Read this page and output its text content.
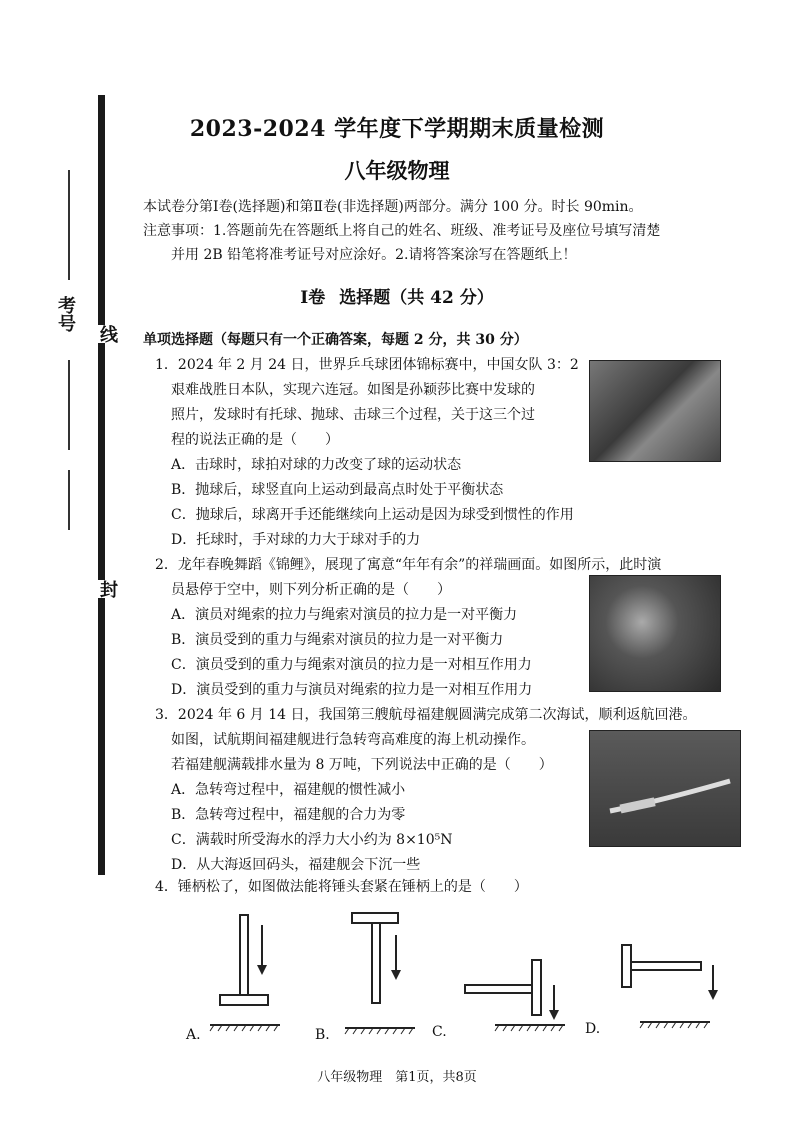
考号
线
封
2023-2024 学年度下学期期末质量检测
八年级物理
本试卷分第Ⅰ卷(选择题)和第Ⅱ卷(非选择题)两部分。满分 100 分。时长 90min。
注意事项：1.答题前先在答题纸上将自己的姓名、班级、准考证号及座位号填写清楚
并用 2B 铅笔将准考证号对应涂好。2.请将答案涂写在答题纸上！
Ⅰ卷 选择题（共 42 分）
单项选择题（每题只有一个正确答案，每题 2 分，共 30 分）
1．2024 年 2 月 24 日，世界乒乓球团体锦标赛中，中国女队 3：2
艰难战胜日本队，实现六连冠。如图是孙颖莎比赛中发球的
照片，发球时有托球、抛球、击球三个过程，关于这三个过
程的说法正确的是（　　）
A．击球时，球拍对球的力改变了球的运动状态
B．抛球后，球竖直向上运动到最高点时处于平衡状态
C．抛球后，球离开手还能继续向上运动是因为球受到惯性的作用
D．托球时，手对球的力大于球对手的力
2．龙年春晚舞蹈《锦鲤》，展现了寓意“年年有余”的祥瑞画面。如图所示，此时演
员悬停于空中，则下列分析正确的是（　　）
A．演员对绳索的拉力与绳索对演员的拉力是一对平衡力
B．演员受到的重力与绳索对演员的拉力是一对平衡力
C．演员受到的重力与绳索对演员的拉力是一对相互作用力
D．演员受到的重力与演员对绳索的拉力是一对相互作用力
3．2024 年 6 月 14 日，我国第三艘航母福建舰圆满完成第二次海试，顺利返航回港。
如图，试航期间福建舰进行急转弯高难度的海上机动操作。
若福建舰满载排水量为 8 万吨，下列说法中正确的是（　　）
A．急转弯过程中，福建舰的惯性减小
B．急转弯过程中，福建舰的合力为零
C．满载时所受海水的浮力大小约为 8×10⁵N
D．从大海返回码头，福建舰会下沉一些
4．锤柄松了，如图做法能将锤头套紧在锤柄上的是（　　）
A.	B.	C.	D.
八年级物理　第1页，共8页
